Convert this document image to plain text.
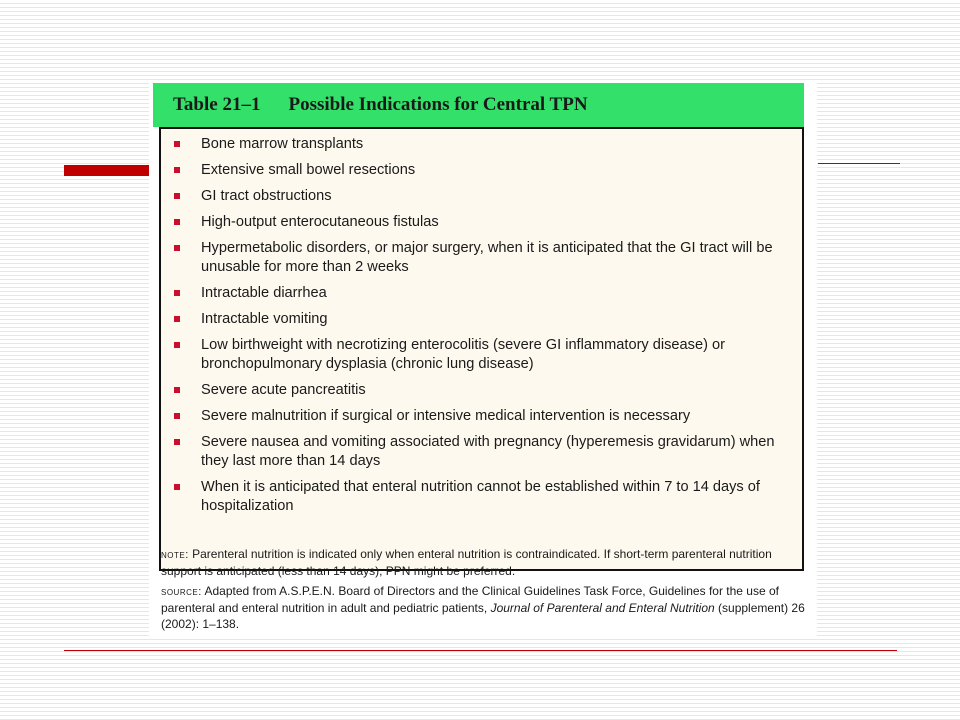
Table 21–1 Possible Indications for Central TPN
Bone marrow transplants
Extensive small bowel resections
GI tract obstructions
High-output enterocutaneous fistulas
Hypermetabolic disorders, or major surgery, when it is anticipated that the GI tract will be unusable for more than 2 weeks
Intractable diarrhea
Intractable vomiting
Low birthweight with necrotizing enterocolitis (severe GI inflammatory disease) or bronchopulmonary dysplasia (chronic lung disease)
Severe acute pancreatitis
Severe malnutrition if surgical or intensive medical intervention is necessary
Severe nausea and vomiting associated with pregnancy (hyperemesis gravidarum) when they last more than 14 days
When it is anticipated that enteral nutrition cannot be established within 7 to 14 days of hospitalization

note: Parenteral nutrition is indicated only when enteral nutrition is contraindicated. If short-term parenteral nutrition support is anticipated (less than 14 days), PPN might be preferred.

source: Adapted from A.S.P.E.N. Board of Directors and the Clinical Guidelines Task Force, Guidelines for the use of parenteral and enteral nutrition in adult and pediatric patients, Journal of Parenteral and Enteral Nutrition (supplement) 26 (2002): 1–138.
